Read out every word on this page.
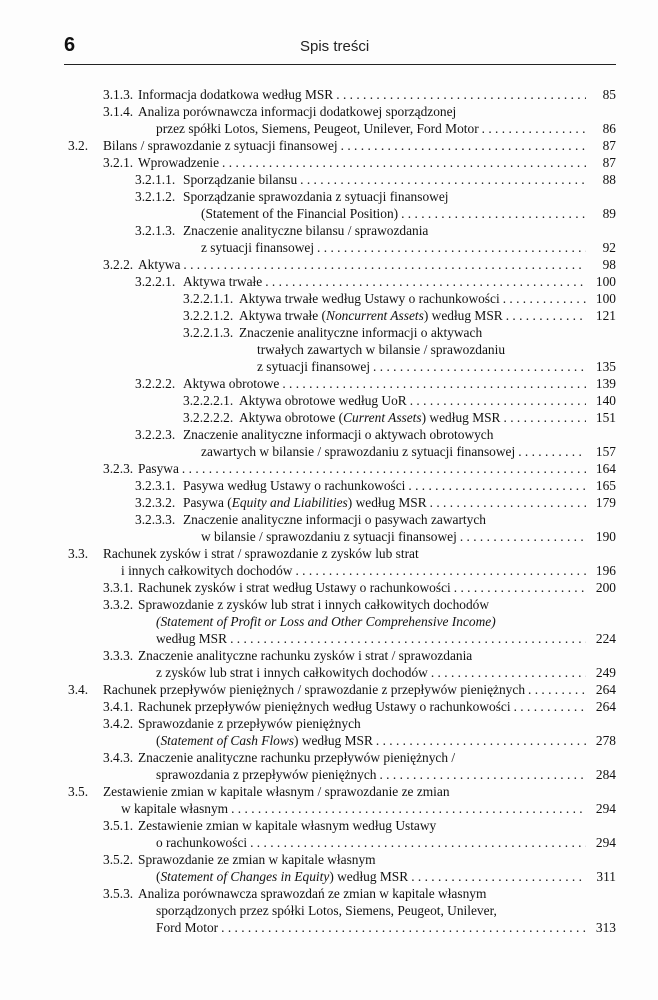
6	Spis treści
3.1.3. Informacja dodatkowa według MSR . . .	85
3.1.4. Analiza porównawcza informacji dodatkowej sporządzonej
przez spółki Lotos, Siemens, Peugeot, Unilever, Ford Motor . . .	86
3.2. Bilans / sprawozdanie z sytuacji finansowej . . .	87
3.2.1. Wprowadzenie . . .	87
3.2.1.1. Sporządzanie bilansu . . .	88
3.2.1.2. Sporządzanie sprawozdania z sytuacji finansowej
(Statement of the Financial Position) . . .	89
3.2.1.3. Znaczenie analityczne bilansu / sprawozdania
z sytuacji finansowej . . .	92
3.2.2. Aktywa . . .	98
3.2.2.1. Aktywa trwałe . . .	100
3.2.2.1.1. Aktywa trwałe według Ustawy o rachunkowości . . .	100
3.2.2.1.2. Aktywa trwałe (Noncurrent Assets) według MSR . . .	121
3.2.2.1.3. Znaczenie analityczne informacji o aktywach
trwałych zawartych w bilansie / sprawozdaniu
z sytuacji finansowej . . .	135
3.2.2.2. Aktywa obrotowe . . .	139
3.2.2.2.1. Aktywa obrotowe według UoR . . .	140
3.2.2.2.2. Aktywa obrotowe (Current Assets) według MSR . . .	151
3.2.2.3. Znaczenie analityczne informacji o aktywach obrotowych
zawartych w bilansie / sprawozdaniu z sytuacji finansowej . . .	157
3.2.3. Pasywa . . .	164
3.2.3.1. Pasywa według Ustawy o rachunkowości . . .	165
3.2.3.2. Pasywa (Equity and Liabilities) według MSR . . .	179
3.2.3.3. Znaczenie analityczne informacji o pasywach zawartych
w bilansie / sprawozdaniu z sytuacji finansowej . . .	190
3.3. Rachunek zysków i strat / sprawozdanie z zysków lub strat
i innych całkowitych dochodów . . .	196
3.3.1. Rachunek zysków i strat według Ustawy o rachunkowości . . .	200
3.3.2. Sprawozdanie z zysków lub strat i innych całkowitych dochodów
(Statement of Profit or Loss and Other Comprehensive Income)
według MSR . . .	224
3.3.3. Znaczenie analityczne rachunku zysków i strat / sprawozdania
z zysków lub strat i innych całkowitych dochodów . . .	249
3.4. Rachunek przepływów pieniężnych / sprawozdanie z przepływów pieniężnych . . .	264
3.4.1. Rachunek przepływów pieniężnych według Ustawy o rachunkowości . . .	264
3.4.2. Sprawozdanie z przepływów pieniężnych
(Statement of Cash Flows) według MSR . . .	278
3.4.3. Znaczenie analityczne rachunku przepływów pieniężnych /
sprawozdania z przepływów pieniężnych . . .	284
3.5. Zestawienie zmian w kapitale własnym / sprawozdanie ze zmian
w kapitale własnym . . .	294
3.5.1. Zestawienie zmian w kapitale własnym według Ustawy
o rachunkowości . . .	294
3.5.2. Sprawozdanie ze zmian w kapitale własnym
(Statement of Changes in Equity) według MSR . . .	311
3.5.3. Analiza porównawcza sprawozdań ze zmian w kapitale własnym
sporządzonych przez spółki Lotos, Siemens, Peugeot, Unilever,
Ford Motor . . .	313
